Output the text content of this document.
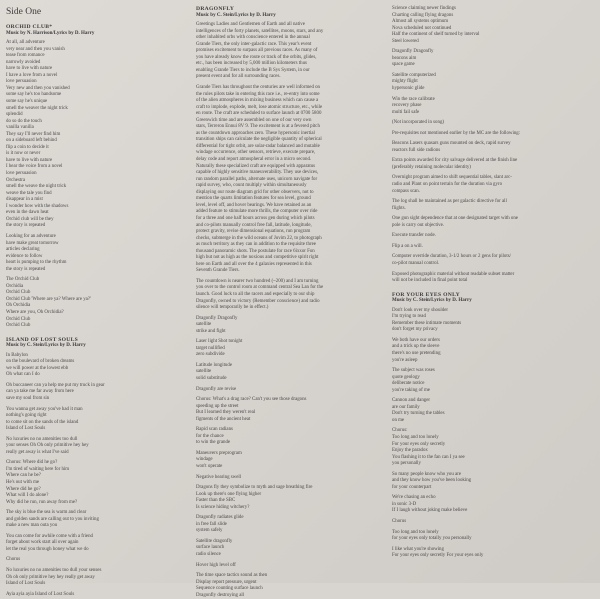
Side One
ORCHID CLUB*
Music by N. Harrison/Lyrics by D. Harry
At all, all adventure
very near and then you vanish
tease from romance
narrowly avoided
have to live with nature
I have a love from a novel
love persuasion
Very new and then you vanished
some say he's too handsome
some say he's unique
smell the weaver the night trick
splendid
do so do the touch
vanilla vanilla
They say I'll never find him
on a sideboard left behind
flip a coin to decide it
is it now or never
have to live with nature
I hear the voice from a novel
love persuasion
Orchestra
smell the weave the night trick
weave the tale you find
disappear in a mist
I wonder how with the shadows
even in the dawn heat
Orchid club will be they
the story is repeated
Looking for an adventure
have make great tomorrow
articles declaring
evidence to follow
heart is pumping to the rhythm
the story is repeated
The Orchid Club
Orchidia
Orchid Club
Orchid Club 'Where are ya? Where are ya?'
Oh Orchidia
Where are you, Oh Orchidia?
Orchid Club
Orchid Club
ISLAND OF LOST SOULS
Music by C. Stein/Lyrics by D. Harry
In Babylon
on the boulevard of broken dreams
we will power at the lowest ebb
Oh what can I do
Oh buccaneer can ya help me put my truck in gear
can ya take me far away from here
save my soul from sin
You wanna get away you've had it man
nothing's going right
to come sit on the sands of the island
Island of Lost Souls
No luxuries no no amenities too dull
your senses Oh Oh only primitive hey hey
really get away is what I've said
Chorus: Where did he go?
I'm tired of waiting here for him
Where can he be?
He's out with me
Where did he go?
What will I do alone?
Why did he run, run away from me?
The sky is blue the sea is warm and clear
and golden sands are calling out to you inviting
make a new man outa you
You can come for awhile come with a friend
forget about work start all over again
let the real you through honey what we do
Chorus
No luxuries no no amenities too dull your senses
Oh oh only primitive hey hey really get away
Island of Lost Souls
Ayia ayia ayia Island of Lost Souls
DRAGONFLY
Music by C. Stein/Lyrics by D. Harry
Greetings Ladies and Gentlemen of Earth and all native
intelligences of the forty planets, satellites, moons, stars, and any
other inhabited orbs with conscience entered in the annual
Grande Tiers, the only inter-galactic race. This year's event
promises excitement to surpass all previous races. As many of
you have already know the route or track of the orbits, glides,
etc., has been increased by 5,000 million kilometers thus
enabling Grande Tiers to include the B Sys System, in our
present event and for all surrounding races.
Grande Tiers has throughout the centuries are well informed on
the rules pilots take in entering this race i.e., re-entry into some
of the alien atmospheres in mixing business which can cause a
craft to implode, explode, melt, lose atomic structure, etc., while
en route. The craft are scheduled to surface launch at 0700 5800
Greenwich time and are assembled on one of our very own
stars, Terreron Ennui 8V 9. The excitement is at a fevered pitch
as the countdown approaches zero. These hypersonic inertial
transition ships can calculate the negligible quantity of spherical
differential for tight orbit, are solar-radar balanced and mutable
windage occurrence, other sensors, retrieve, execute prepare,
delay code and report atmospheral error in a micro second.
Naturally these specialized craft are equipped with apparatus
capable of highly sensitive maneuverability. They use devices,
run random parallel paths, alternate uses, unicorn navigate for
rapid survey, who, count multiply within simultaneously
displaying our route diagram grid for other observers, not to
mention the quarts limitation features for sea level, ground
level, level off, and hover bearings. We have retained as an
added feature to stimulate more thrills, the computer over ride
for a three and one half hours across gen during which pilots
and co-pilots manually control free fall, latitude, longitude,
protect gravity, revise dimensional equations, run program
checks, submerge in the wild oceans of Juvim 22, to photograph
as much territory as they can in addition to the requisite three
thousand panoramic shots. The postulate for race 6ixxor Fon
high but not as high as the noxious and competitive spirit right
here on Earth and all over the 4 galaxies represented in this
Seventh Grande Tiers.
The countdown is nearer two hundred (~200) and I am turning
you over to the control room at command central Sea Lan for the
launch. Good luck to all the racers and especially to our ship
Dragonfly, owned to victory (Remember conscience) and radio
silence will temporarily be in effect.)
Dragonfly Dragonfly
satellite
strike and fight
Laser light Shot tonight
target nullified
zero subdivide
Latitude longitude
satellite
solid substitude
Dragonfly are revise
Chorus: What's a drag race? Can't you see those dragons
speeding up the street
But I learned they weren't real
figments of the ancient heat
Rapid scan radians
for the chance
to win the grande
Maneuvers preprogram
windage
won't operate
Negative hearing swell
Dragons fly they symbolize to myth and sage breathing fire
Look up there's one flying higher
Faster than the SBC
Is science hiding witchery?
Dragonfly radiates glide
in free fall slide
system safely
Satellite dragonfly
surface launch
radio silence
Hover high level off
The time space tactics sound as then
Display report pressure, urgent
Sequence counting surface launch
Dragonfly destroying all
Science claiming newer findings
Charting calling flying dragons
Almost all systems optimum
Nova scheduled not continued
Half the continent of shelf turned by interval
Steel lowered
Dragonfly Dragonfly
beacons aim
space game
Satellite computerized
mighty flight
hypersonic glide
Win the race calibrate
recovery phase
multi fail safe
(Not incorporated in song)
Pre-requisites not mentioned earlier by the MC are the following:
Beacons Lasers quasars guns mounted on deck, rapid survey
reactors full side radions
Extra points awarded for city salvage delivered at the finish line
(preferably retaining molecular identity)
Overnight program aimed to shift sequential tables, slant arc-
radio and Plant on point terrain for the duration via gyro
compass scan.
The log shall be maintained as per galactic directive for all
flights.
One gun sight dependence that at one designated target with one
pole is carry out objective.
Execute transfer node.
Flip a on a will.
Computer override duration, 3-1/2 hours or 2 gens for pilots/
co-pilot manual control.
Exposed photographic material without readable subset matter
will not be included in final point total
FOR YOUR EYES ONLY
Music by C. Stein/Lyrics by D. Harry
Don't look over my shoulder
I'm trying to read
Remember these intimate moments
don't forget my privacy
We both have our orders
and a trick up the sleeve
there's no use pretending
you're asleep
The subject was roses
quote geology
deliberate notice
you're taking of me
Cannon and danger
are our family
Don't try turning the tables
on me
Chorus:
Too long and too lonely
For your eyes only secretly
Enjoy the paradox
You flashing it to the fan can I ya see
you personally
So many people know who you are
and they know how you've been looking
for your counterpart
We're chasing an echo
in sonic 3-D
If I laugh without joking make believe
Chorus
Too long and too lonely
for your eyes only totally you personally
I like what you're showing
For your eyes only secretly For your eyes only
